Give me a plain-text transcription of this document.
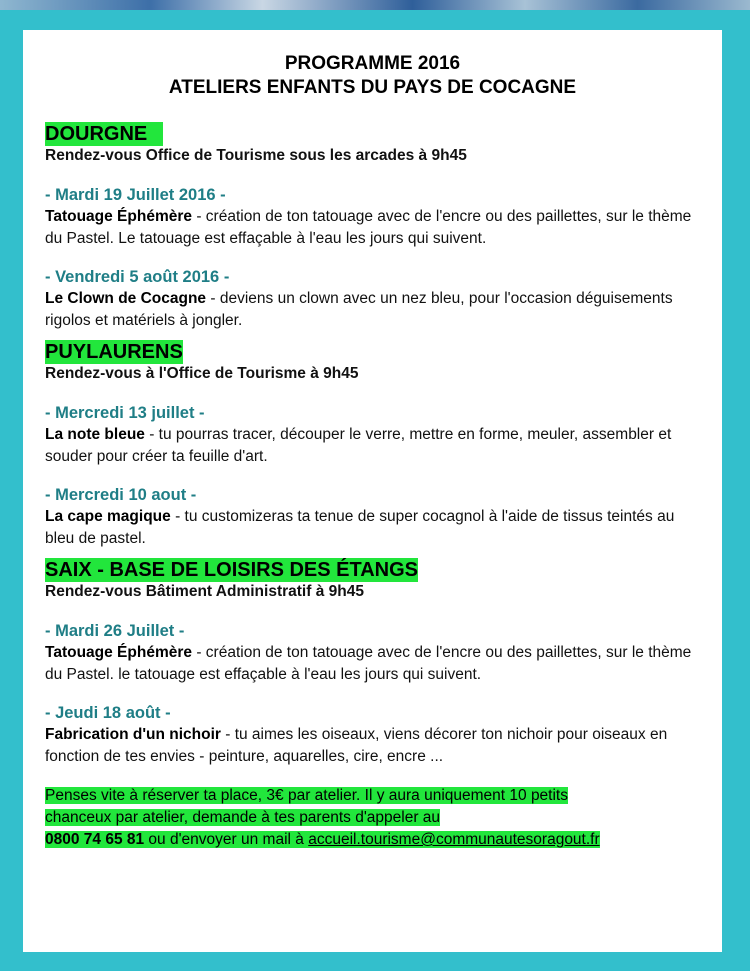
PROGRAMME 2016
ATELIERS ENFANTS DU PAYS DE COCAGNE
DOURGNE
Rendez-vous Office de Tourisme sous les arcades à 9h45
- Mardi 19 Juillet 2016 -
Tatouage Éphémère - création de ton tatouage avec de l'encre ou des paillettes, sur le thème du Pastel. Le tatouage est effaçable à l'eau les jours qui suivent.
- Vendredi 5 août 2016 -
Le Clown de Cocagne - deviens un clown avec un nez bleu, pour l'occasion déguisements rigolos et matériels à jongler.
PUYLAURENS
Rendez-vous à l'Office de Tourisme à 9h45
- Mercredi 13 juillet -
La note bleue - tu pourras tracer, découper le verre, mettre en forme, meuler, assembler et souder pour créer ta feuille d'art.
- Mercredi 10 aout -
La cape magique - tu customizeras ta tenue de super cocagnol à l'aide de tissus teintés au bleu de pastel.
SAIX - BASE DE LOISIRS DES ÉTANGS
Rendez-vous Bâtiment Administratif à 9h45
- Mardi 26 Juillet -
Tatouage Éphémère - création de ton tatouage avec de l'encre ou des paillettes, sur le thème du Pastel. le tatouage est effaçable à l'eau les jours qui suivent.
- Jeudi 18 août -
Fabrication d'un nichoir - tu aimes les oiseaux, viens décorer ton nichoir pour oiseaux en fonction de tes envies - peinture, aquarelles, cire, encre ...
Penses vite à réserver ta place, 3€ par atelier. Il y aura uniquement 10 petits
chanceux par atelier, demande à tes parents d'appeler au
0800 74 65 81 ou d'envoyer un mail à accueil.tourisme@communautesoragout.fr
